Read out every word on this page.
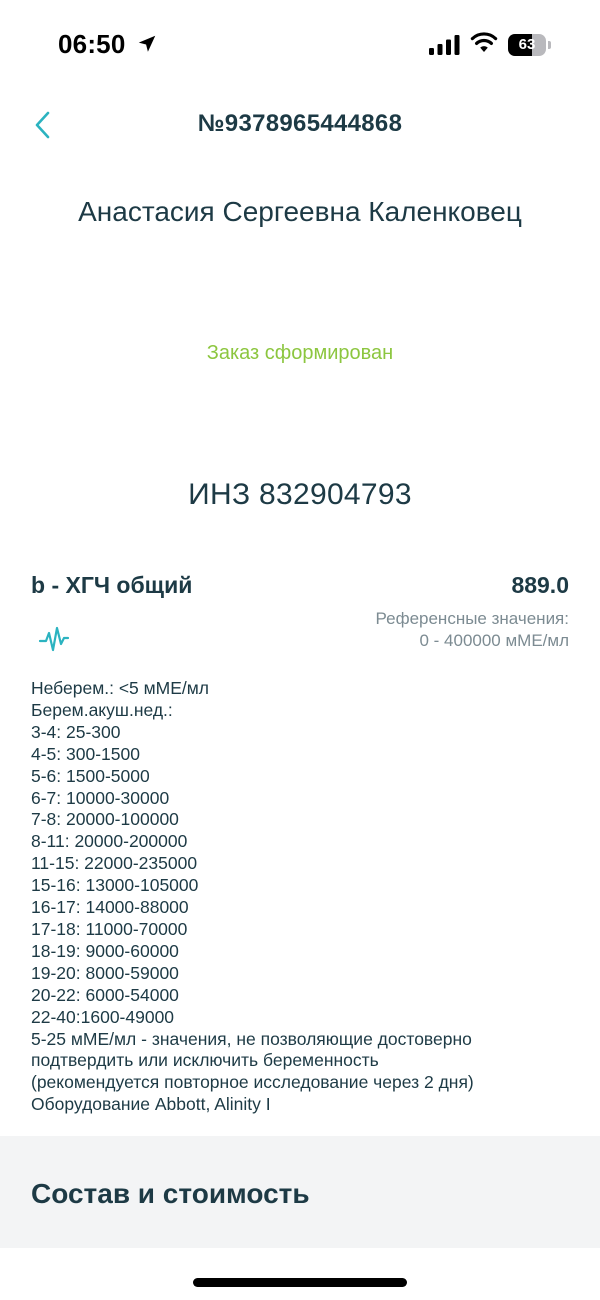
06:50	63
№9378965444868
Анастасия Сергеевна Каленковец
Заказ сформирован
ИНЗ 832904793
b - ХГЧ общий	889.0
Референсные значения:
0 - 400000 мМЕ/мл
Неберем.: <5 мМЕ/мл
Берем.акуш.нед.:
3-4: 25-300
4-5: 300-1500
5-6: 1500-5000
6-7: 10000-30000
7-8: 20000-100000
8-11: 20000-200000
11-15: 22000-235000
15-16: 13000-105000
16-17: 14000-88000
17-18: 11000-70000
18-19: 9000-60000
19-20: 8000-59000
20-22: 6000-54000
22-40:1600-49000
5-25 мМЕ/мл - значения, не позволяющие достоверно
подтвердить или исключить беременность
(рекомендуется повторное исследование через 2 дня)
Оборудование Abbott, Alinity I
Состав и стоимость
